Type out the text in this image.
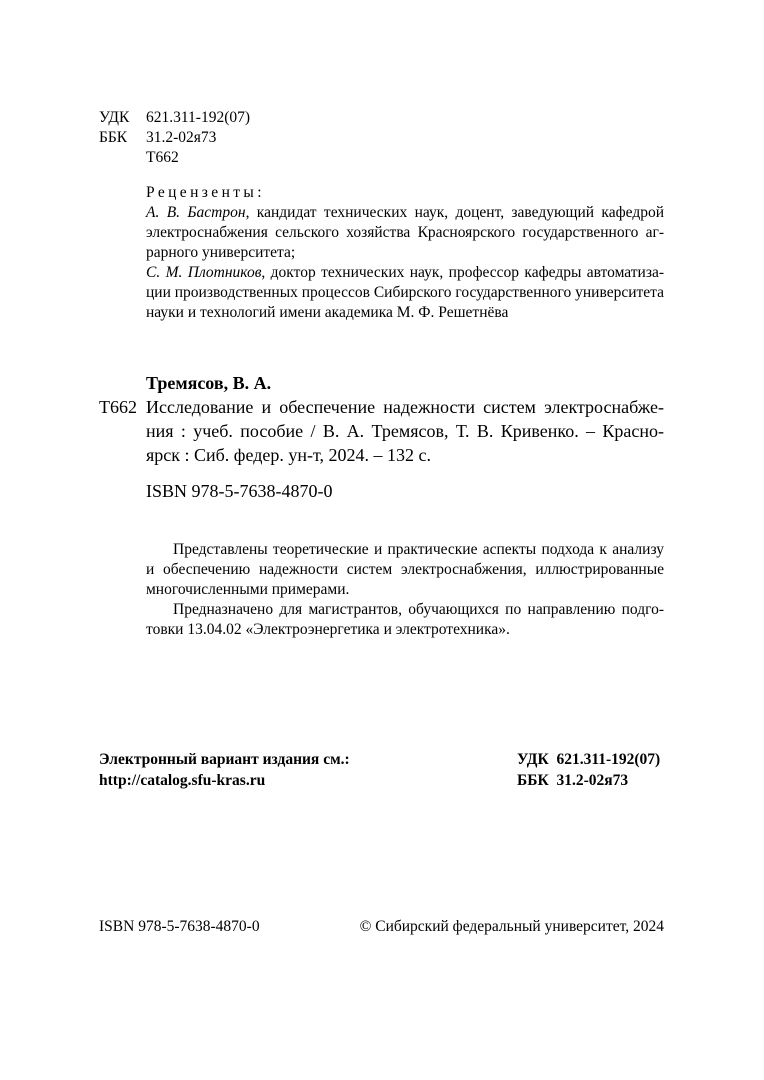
УДК 621.311-192(07)
ББК 31.2-02я73
Т662
Рецензенты:
А. В. Бастрон, кандидат технических наук, доцент, заведующий кафедрой
электроснабжения сельского хозяйства Красноярского государственного аг-
рарного университета;
С. М. Плотников, доктор технических наук, профессор кафедры автоматиза-
ции производственных процессов Сибирского государственного университета
науки и технологий имени академика М. Ф. Решетнёва
Тремясов, В. А.
Т662 Исследование и обеспечение надежности систем электроснабже-
ния : учеб. пособие / В. А. Тремясов, Т. В. Кривенко. – Красно-
ярск : Сиб. федер. ун-т, 2024. – 132 с.
ISBN 978-5-7638-4870-0
Представлены теоретические и практические аспекты подхода к анализу
и обеспечению надежности систем электроснабжения, иллюстрированные
многочисленными примерами.
Предназначено для магистрантов, обучающихся по направлению подго-
товки 13.04.02 «Электроэнергетика и электротехника».
Электронный вариант издания см.:
http://catalog.sfu-kras.ru
УДК  621.311-192(07)
ББК  31.2-02я73
ISBN 978-5-7638-4870-0	© Сибирский федеральный университет, 2024
